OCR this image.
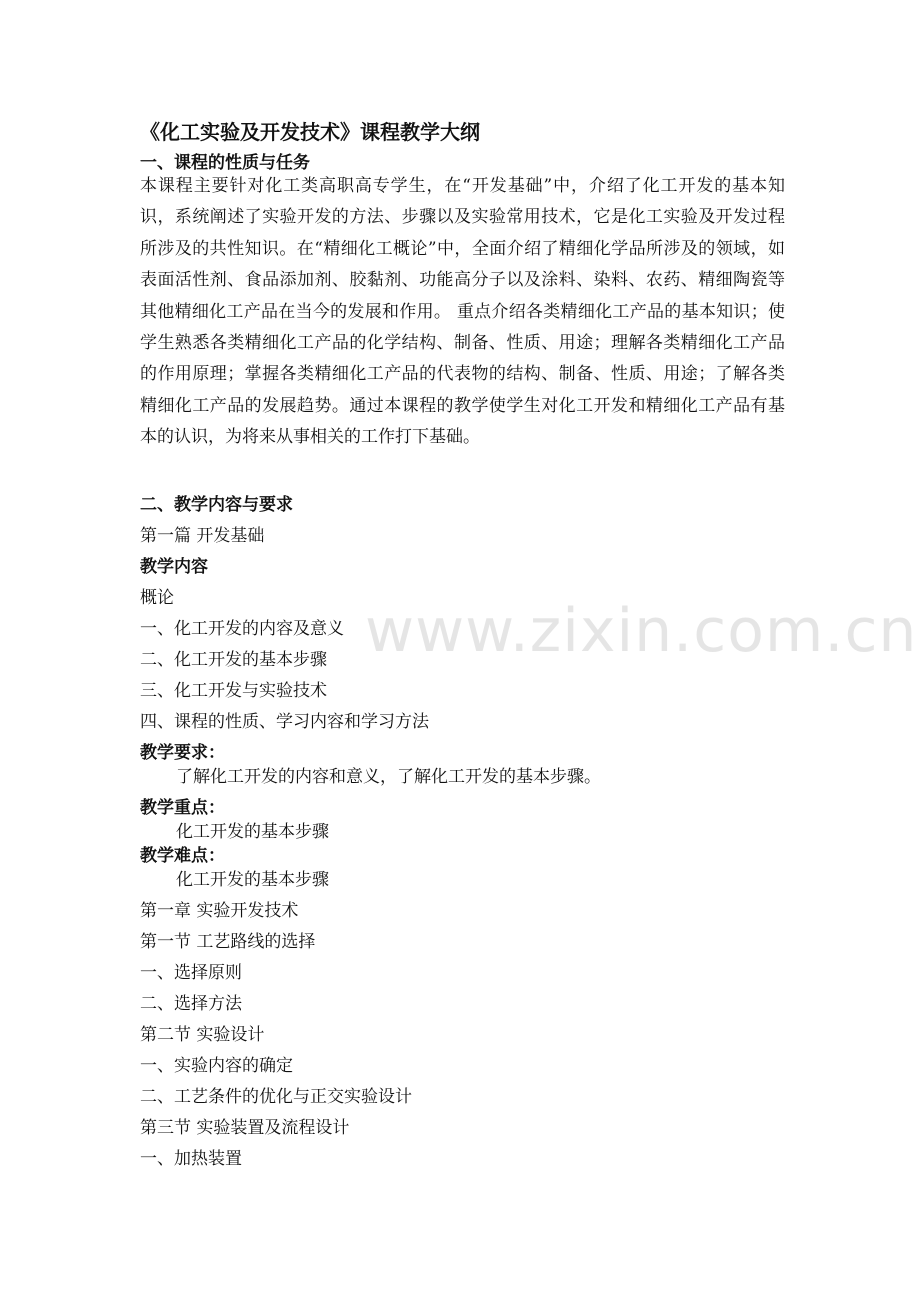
《化工实验及开发技术》课程教学大纲
一、课程的性质与任务
本课程主要针对化工类高职高专学生，在“开发基础”中，介绍了化工开发的基本知识，系统阐述了实验开发的方法、步骤以及实验常用技术，它是化工实验及开发过程所涉及的共性知识。在“精细化工概论”中，全面介绍了精细化学品所涉及的领域，如表面活性剂、食品添加剂、胶黏剂、功能高分子以及涂料、染料、农药、精细陶瓷等其他精细化工产品在当今的发展和作用。 重点介绍各类精细化工产品的基本知识；使学生熟悉各类精细化工产品的化学结构、制备、性质、用途；理解各类精细化工产品的作用原理；掌握各类精细化工产品的代表物的结构、制备、性质、用途；了解各类精细化工产品的发展趋势。通过本课程的教学使学生对化工开发和精细化工产品有基本的认识，为将来从事相关的工作打下基础。
二、教学内容与要求
第一篇 开发基础
教学内容
概论
一、化工开发的内容及意义
二、化工开发的基本步骤
三、化工开发与实验技术
四、课程的性质、学习内容和学习方法
教学要求：
了解化工开发的内容和意义，了解化工开发的基本步骤。
教学重点：
化工开发的基本步骤
教学难点：
化工开发的基本步骤
第一章 实验开发技术
第一节 工艺路线的选择
一、选择原则
二、选择方法
第二节 实验设计
一、实验内容的确定
二、工艺条件的优化与正交实验设计
第三节 实验装置及流程设计
一、加热装置
www.zixin.com.cn
